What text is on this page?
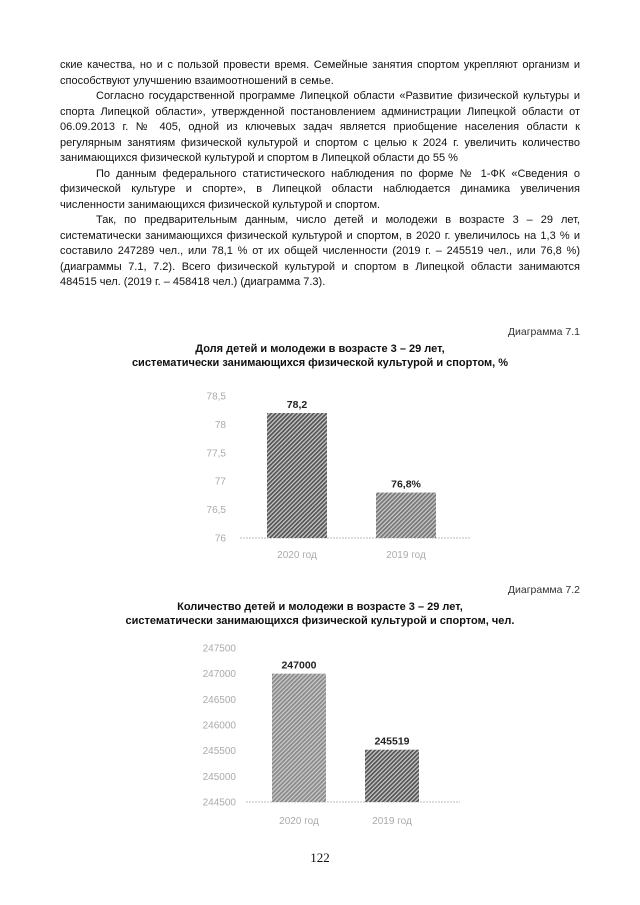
ские качества, но и с пользой провести время. Семейные занятия спортом укрепляют организм и способствуют улучшению взаимоотношений в семье.

Согласно государственной программе Липецкой области «Развитие физической культуры и спорта Липецкой области», утвержденной постановлением администрации Липецкой области от 06.09.2013 г. № 405, одной из ключевых задач является приобщение населения области к регулярным занятиям физической культурой и спортом с целью к 2024 г. увеличить количество занимающихся физической культурой и спортом в Липецкой области до 55 %

По данным федерального статистического наблюдения по форме № 1-ФК «Сведения о физической культуре и спорте», в Липецкой области наблюдается динамика увеличения численности занимающихся физической культурой и спортом.

Так, по предварительным данным, число детей и молодежи в возрасте 3 – 29 лет, систематически занимающихся физической культурой и спортом, в 2020 г. увеличилось на 1,3 % и составило 247289 чел., или 78,1 % от их общей численности (2019 г. – 245519 чел., или 76,8 %) (диаграммы 7.1, 7.2). Всего физической культурой и спортом в Липецкой области занимаются 484515 чел. (2019 г. – 458418 чел.) (диаграмма 7.3).

Диаграмма 7.1
Доля детей и молодежи в возрасте 3 – 29 лет,
систематически занимающихся физической культурой и спортом, %
78,5
78
77,5
77
76,5
76
78,2
2020 год
76,8%
2019 год
Диаграмма 7.2
Количество детей и молодежи в возрасте 3 – 29 лет,
систематически занимающихся физической культурой и спортом, чел.
247500
247000
246500
246000
245500
245000
244500
247000
2020 год
245519
2019 год
122
